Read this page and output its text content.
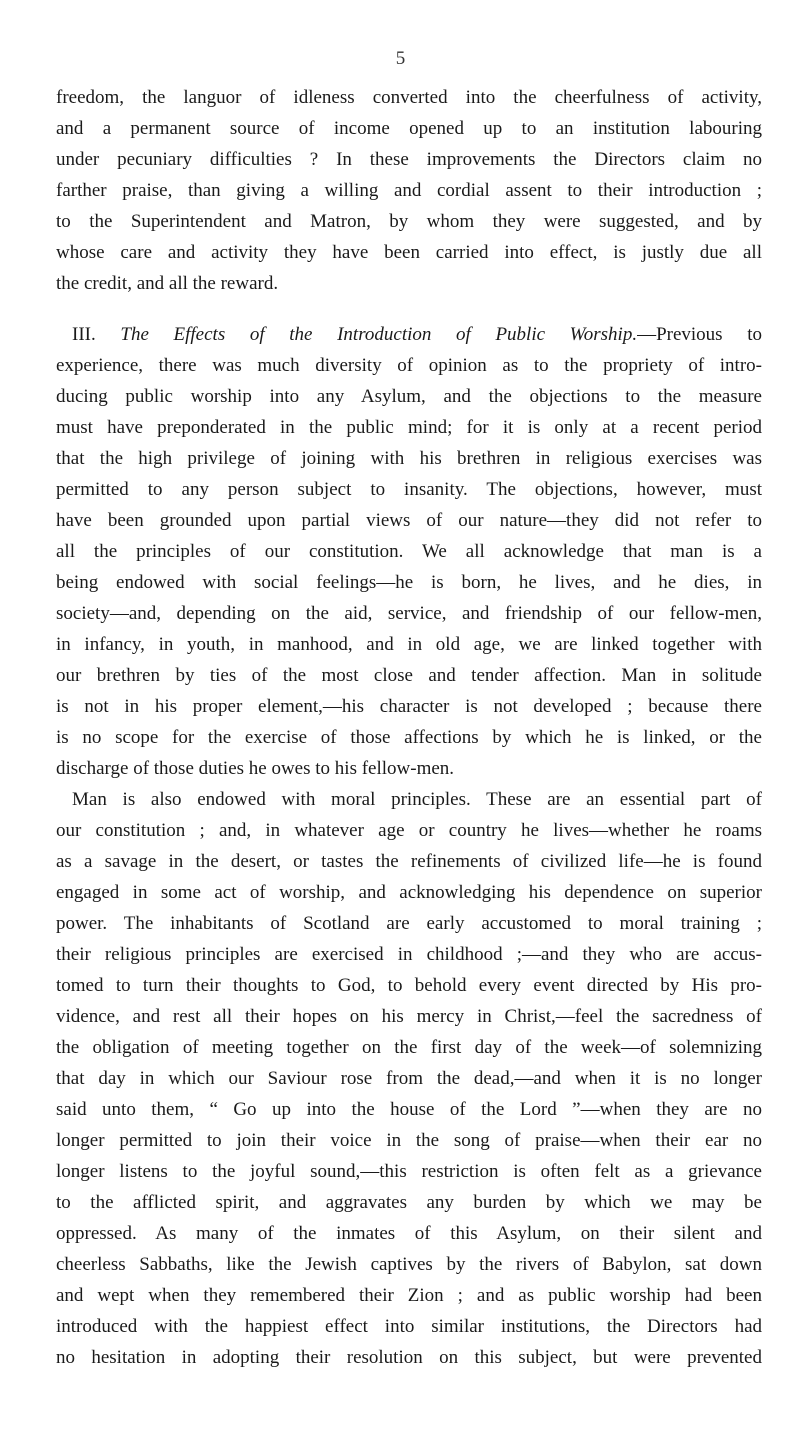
5
freedom, the languor of idleness converted into the cheerfulness of activity,
and a permanent source of income opened up to an institution labouring
under pecuniary difficulties ? In these improvements the Directors claim no
farther praise, than giving a willing and cordial assent to their introduction ;
to the Superintendent and Matron, by whom they were suggested, and by
whose care and activity they have been carried into effect, is justly due all
the credit, and all the reward.
III. The Effects of the Introduction of Public Worship.—Previous to
experience, there was much diversity of opinion as to the propriety of intro-
ducing public worship into any Asylum, and the objections to the measure
must have preponderated in the public mind; for it is only at a recent period
that the high privilege of joining with his brethren in religious exercises was
permitted to any person subject to insanity. The objections, however, must
have been grounded upon partial views of our nature—they did not refer to
all the principles of our constitution. We all acknowledge that man is a
being endowed with social feelings—he is born, he lives, and he dies, in
society—and, depending on the aid, service, and friendship of our fellow-men,
in infancy, in youth, in manhood, and in old age, we are linked together with
our brethren by ties of the most close and tender affection. Man in solitude
is not in his proper element,—his character is not developed ; because there
is no scope for the exercise of those affections by which he is linked, or the
discharge of those duties he owes to his fellow-men.
Man is also endowed with moral principles. These are an essential part of
our constitution ; and, in whatever age or country he lives—whether he roams
as a savage in the desert, or tastes the refinements of civilized life—he is found
engaged in some act of worship, and acknowledging his dependence on superior
power. The inhabitants of Scotland are early accustomed to moral training ;
their religious principles are exercised in childhood ;—and they who are accus-
tomed to turn their thoughts to God, to behold every event directed by His pro-
vidence, and rest all their hopes on his mercy in Christ,—feel the sacredness of
the obligation of meeting together on the first day of the week—of solemnizing
that day in which our Saviour rose from the dead,—and when it is no longer
said unto them, “ Go up into the house of the Lord ”—when they are no
longer permitted to join their voice in the song of praise—when their ear no
longer listens to the joyful sound,—this restriction is often felt as a grievance
to the afflicted spirit, and aggravates any burden by which we may be
oppressed. As many of the inmates of this Asylum, on their silent and
cheerless Sabbaths, like the Jewish captives by the rivers of Babylon, sat down
and wept when they remembered their Zion ; and as public worship had been
introduced with the happiest effect into similar institutions, the Directors had
no hesitation in adopting their resolution on this subject, but were prevented
